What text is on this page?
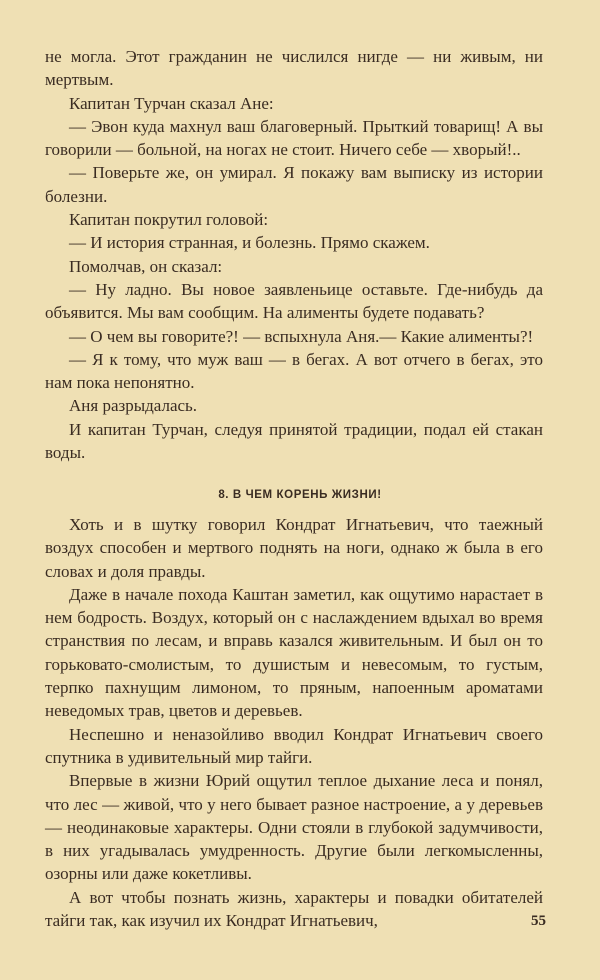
не могла. Этот гражданин не числился нигде — ни живым, ни мертвым.

Капитан Турчан сказал Ане:

— Эвон куда махнул ваш благоверный. Прыткий товарищ! А вы говорили — больной, на ногах не стоит. Ничего себе — хворый!..

— Поверьте же, он умирал. Я покажу вам выписку из истории болезни.

Капитан покрутил головой:

— И история странная, и болезнь. Прямо скажем.

Помолчав, он сказал:

— Ну ладно. Вы новое заявленьице оставьте. Где-нибудь да объявится. Мы вам сообщим. На алименты будете подавать?

— О чем вы говорите?! — вспыхнула Аня.— Какие алименты?!

— Я к тому, что муж ваш — в бегах. А вот отчего в бегах, это нам пока непонятно.

Аня разрыдалась.

И капитан Турчан, следуя принятой традиции, подал ей стакан воды.

8. В ЧЕМ КОРЕНЬ ЖИЗНИ!

Хоть и в шутку говорил Кондрат Игнатьевич, что таежный воздух способен и мертвого поднять на ноги, однако ж была в его словах и доля правды.

Даже в начале похода Каштан заметил, как ощутимо нарастает в нем бодрость. Воздух, который он с наслаждением вдыхал во время странствия по лесам, и вправь казался живительным. И был он то горьковато-смолистым, то душистым и невесомым, то густым, терпко пахнущим лимоном, то пряным, напоенным ароматами неведомых трав, цветов и деревьев.

Неспешно и неназойливо вводил Кондрат Игнатьевич своего спутника в удивительный мир тайги.

Впервые в жизни Юрий ощутил теплое дыхание леса и понял, что лес — живой, что у него бывает разное настроение, а у деревьев — неодинаковые характеры. Одни стояли в глубокой задумчивости, в них угадывалась умудренность. Другие были легкомысленны, озорны или даже кокетливы.

А вот чтобы познать жизнь, характеры и повадки обитателей тайги так, как изучил их Кондрат Игнатьевич,	55
